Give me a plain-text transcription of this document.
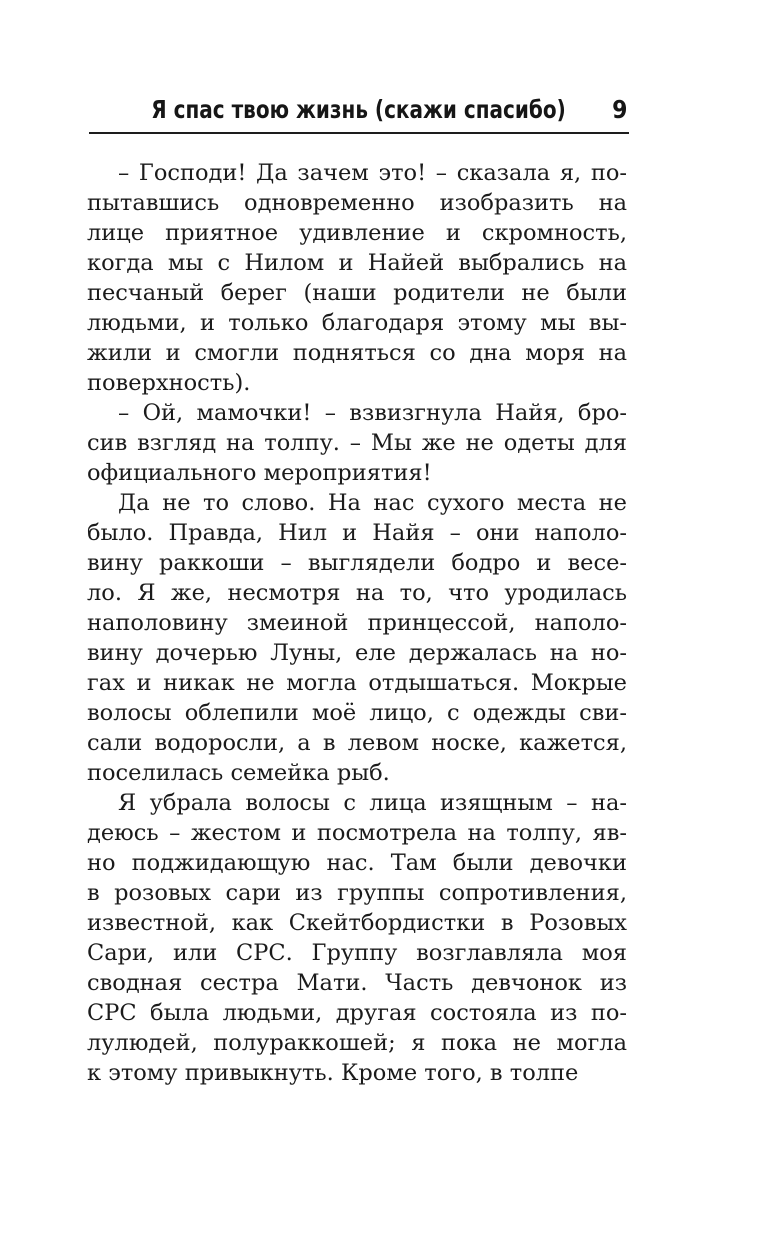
Я спас твою жизнь (скажи спасибо)	9
– Господи! Да зачем это! – сказала я, по-
пытавшись одновременно изобразить на
лице приятное удивление и скромность,
когда мы с Нилом и Найей выбрались на
песчаный берег (наши родители не были
людьми, и только благодаря этому мы вы-
жили и смогли подняться со дна моря на
поверхность).
– Ой, мамочки! – взвизгнула Найя, бро-
сив взгляд на толпу. – Мы же не одеты для
официального мероприятия!
Да не то слово. На нас сухого места не
было. Правда, Нил и Найя – они наполо-
вину раккоши – выглядели бодро и весе-
ло. Я же, несмотря на то, что уродилась
наполовину змеиной принцессой, наполо-
вину дочерью Луны, еле держалась на но-
гах и никак не могла отдышаться. Мокрые
волосы облепили моё лицо, с одежды сви-
сали водоросли, а в левом носке, кажется,
поселилась семейка рыб.
Я убрала волосы с лица изящным – на-
деюсь – жестом и посмотрела на толпу, яв-
но поджидающую нас. Там были девочки
в розовых сари из группы сопротивления,
известной, как Скейтбордистки в Розовых
Сари, или СРС. Группу возглавляла моя
сводная сестра Мати. Часть девчонок из
СРС была людьми, другая состояла из по-
лулюдей, полураккошей; я пока не могла
к этому привыкнуть. Кроме того, в толпе
